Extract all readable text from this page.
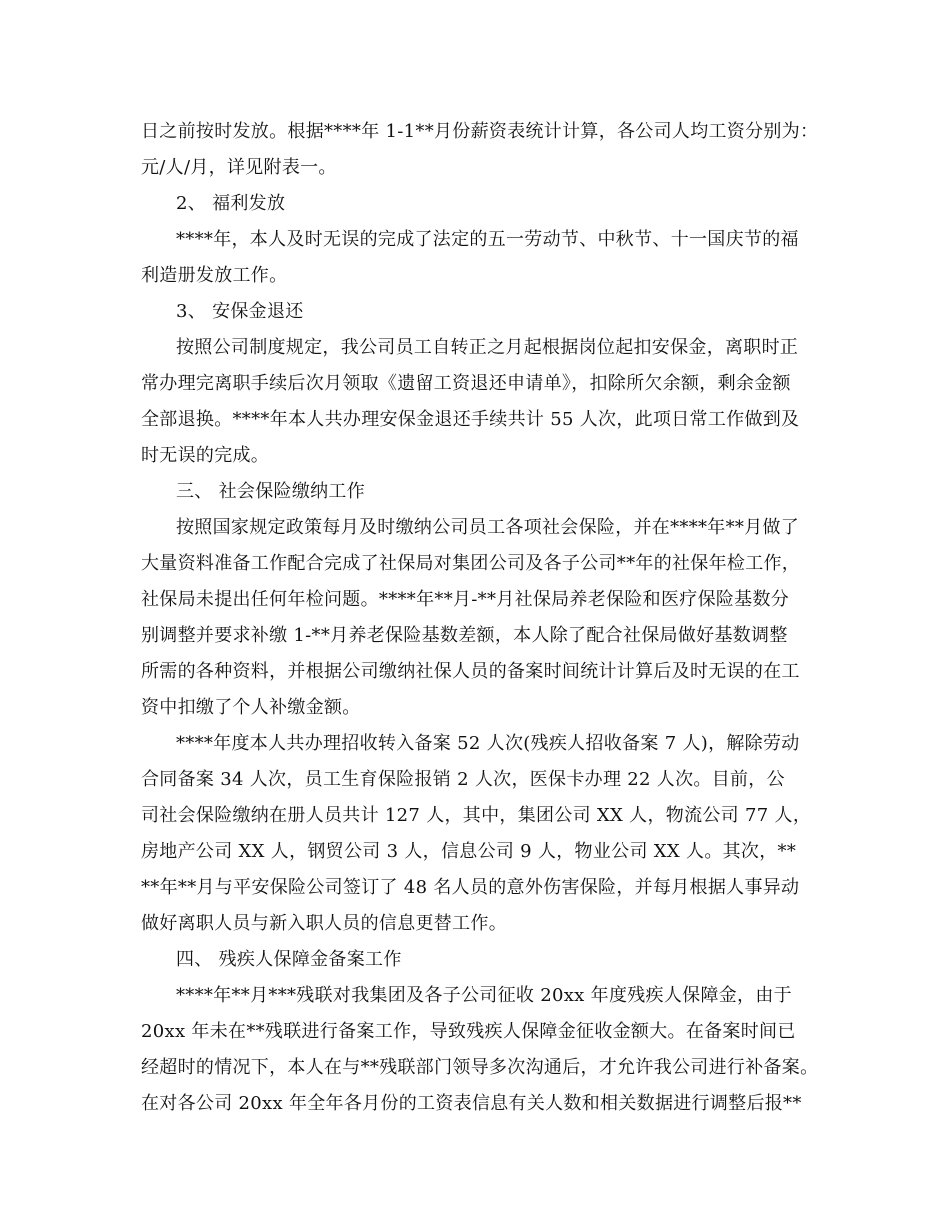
日之前按时发放。根据****年 1-1**月份薪资表统计计算，各公司人均工资分别为：
元/人/月，详见附表一。
2、 福利发放
****年，本人及时无误的完成了法定的五一劳动节、中秋节、十一国庆节的福
利造册发放工作。
3、 安保金退还
按照公司制度规定，我公司员工自转正之月起根据岗位起扣安保金，离职时正
常办理完离职手续后次月领取《遗留工资退还申请单》，扣除所欠余额，剩余金额
全部退换。****年本人共办理安保金退还手续共计 55 人次，此项日常工作做到及
时无误的完成。
三、 社会保险缴纳工作
按照国家规定政策每月及时缴纳公司员工各项社会保险，并在****年**月做了
大量资料准备工作配合完成了社保局对集团公司及各子公司**年的社保年检工作，
社保局未提出任何年检问题。****年**月-**月社保局养老保险和医疗保险基数分
别调整并要求补缴 1-**月养老保险基数差额，本人除了配合社保局做好基数调整
所需的各种资料，并根据公司缴纳社保人员的备案时间统计计算后及时无误的在工
资中扣缴了个人补缴金额。
****年度本人共办理招收转入备案 52 人次(残疾人招收备案 7 人)，解除劳动
合同备案 34 人次，员工生育保险报销 2 人次，医保卡办理 22 人次。目前，公
司社会保险缴纳在册人员共计 127 人，其中，集团公司 XX 人，物流公司 77 人，
房地产公司 XX 人，钢贸公司 3 人，信息公司 9 人，物业公司 XX 人。其次，**
**年**月与平安保险公司签订了 48 名人员的意外伤害保险，并每月根据人事异动
做好离职人员与新入职人员的信息更替工作。
四、 残疾人保障金备案工作
****年**月***残联对我集团及各子公司征收 20xx 年度残疾人保障金，由于
20xx 年未在**残联进行备案工作，导致残疾人保障金征收金额大。在备案时间已
经超时的情况下，本人在与**残联部门领导多次沟通后，才允许我公司进行补备案。
在对各公司 20xx 年全年各月份的工资表信息有关人数和相关数据进行调整后报**
